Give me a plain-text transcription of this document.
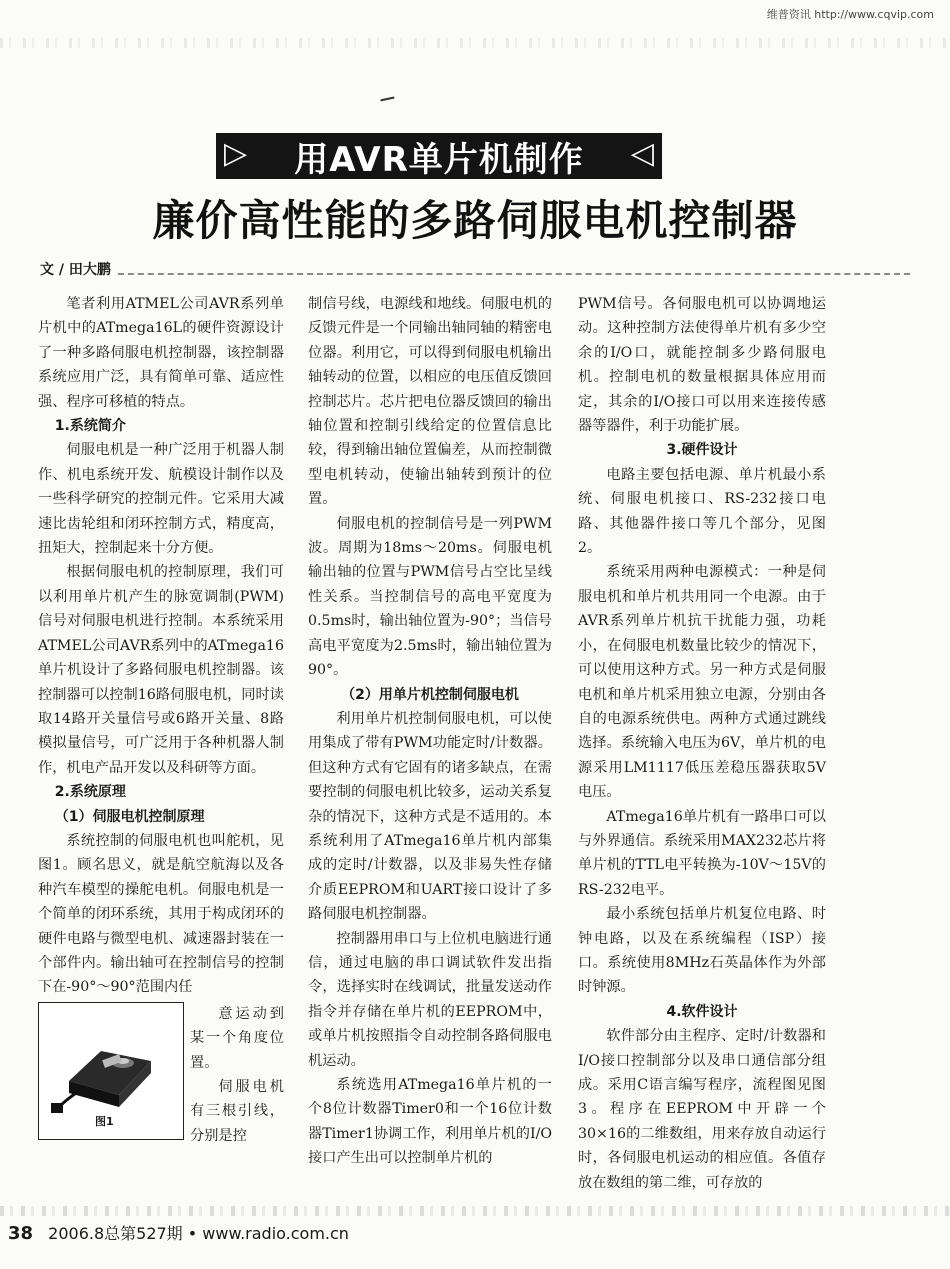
维普资讯 http://www.cqvip.com
▷ 用AVR单片机制作 ◁
廉价高性能的多路伺服电机控制器
文 / 田大鹏

笔者利用ATMEL公司AVR系列单片机中的ATmega16L的硬件资源设计了一种多路伺服电机控制器，该控制器系统应用广泛，具有简单可靠、适应性强、程序可移植的特点。

1.系统简介

伺服电机是一种广泛用于机器人制作、机电系统开发、航模设计制作以及一些科学研究的控制元件。它采用大减速比齿轮组和闭环控制方式，精度高，扭矩大，控制起来十分方便。

根据伺服电机的控制原理，我们可以利用单片机产生的脉宽调制(PWM)信号对伺服电机进行控制。本系统采用ATMEL公司AVR系列中的ATmega16单片机设计了多路伺服电机控制器。该控制器可以控制16路伺服电机，同时读取14路开关量信号或6路开关量、8路模拟量信号，可广泛用于各种机器人制作，机电产品开发以及科研等方面。

2.系统原理
（1）伺服电机控制原理

系统控制的伺服电机也叫舵机，见图1。顾名思义，就是航空航海以及各种汽车模型的操舵电机。伺服电机是一个简单的闭环系统，其用于构成闭环的硬件电路与微型电机、减速器封装在一个部件内。输出轴可在控制信号的控制下在-90°～90°范围内任

图1

意运动到某一个角度位置。

伺服电机有三根引线，分别是控

制信号线，电源线和地线。伺服电机的反馈元件是一个同输出轴同轴的精密电位器。利用它，可以得到伺服电机输出轴转动的位置，以相应的电压值反馈回控制芯片。芯片把电位器反馈回的输出轴位置和控制引线给定的位置信息比较，得到输出轴位置偏差，从而控制微型电机转动，使输出轴转到预计的位置。

伺服电机的控制信号是一列PWM波。周期为18ms～20ms。伺服电机输出轴的位置与PWM信号占空比呈线性关系。当控制信号的高电平宽度为0.5ms时，输出轴位置为-90°；当信号高电平宽度为2.5ms时，输出轴位置为90°。

（2）用单片机控制伺服电机

利用单片机控制伺服电机，可以使用集成了带有PWM功能定时/计数器。但这种方式有它固有的诸多缺点，在需要控制的伺服电机比较多，运动关系复杂的情况下，这种方式是不适用的。本系统利用了ATmega16单片机内部集成的定时/计数器，以及非易失性存储介质EEPROM和UART接口设计了多路伺服电机控制器。

控制器用串口与上位机电脑进行通信，通过电脑的串口调试软件发出指令，选择实时在线调试，批量发送动作指令并存储在单片机的EEPROM中，或单片机按照指令自动控制各路伺服电机运动。

系统选用ATmega16单片机的一个8位计数器Timer0和一个16位计数器Timer1协调工作，利用单片机的I/O接口产生出可以控制单片机的

PWM信号。各伺服电机可以协调地运动。这种控制方法使得单片机有多少空余的I/O口，就能控制多少路伺服电机。控制电机的数量根据具体应用而定，其余的I/O接口可以用来连接传感器等器件，利于功能扩展。

3.硬件设计

电路主要包括电源、单片机最小系统、伺服电机接口、RS-232接口电路、其他器件接口等几个部分，见图2。

系统采用两种电源模式：一种是伺服电机和单片机共用同一个电源。由于AVR系列单片机抗干扰能力强，功耗小，在伺服电机数量比较少的情况下，可以使用这种方式。另一种方式是伺服电机和单片机采用独立电源，分别由各自的电源系统供电。两种方式通过跳线选择。系统输入电压为6V，单片机的电源采用LM1117低压差稳压器获取5V电压。

ATmega16单片机有一路串口可以与外界通信。系统采用MAX232芯片将单片机的TTL电平转换为-10V～15V的RS-232电平。

最小系统包括单片机复位电路、时钟电路，以及在系统编程（ISP）接口。系统使用8MHz石英晶体作为外部时钟源。

4.软件设计

软件部分由主程序、定时/计数器和I/O接口控制部分以及串口通信部分组成。采用C语言编写程序，流程图见图3。程序在EEPROM中开辟一个30×16的二维数组，用来存放自动运行时，各伺服电机运动的相应值。各值存放在数组的第二维，可存放的

38 2006.8总第527期 • www.radio.com.cn
